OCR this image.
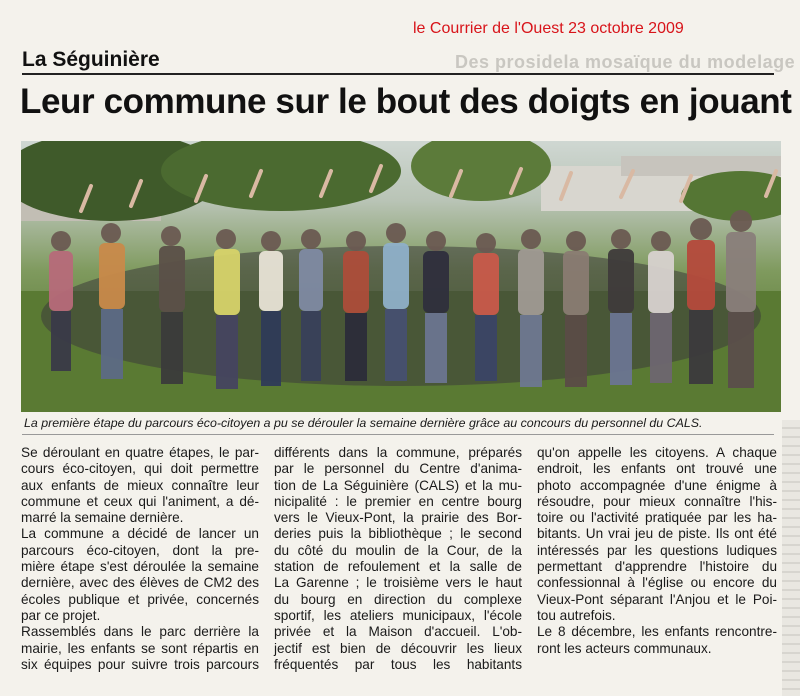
le Courrier de l'Ouest 23 octobre 2009
Des prosidela mosaïque du modelage
La Séguinière
Leur commune sur le bout des doigts en jouant
La première étape du parcours éco-citoyen a pu se dérouler la semaine dernière grâce au concours du personnel du CALS.
Se déroulant en quatre étapes, le par-
cours éco-citoyen, qui doit permettre
aux enfants de mieux connaître leur
commune et ceux qui l'animent, a dé-
marré la semaine dernière.
La commune a décidé de lancer un
parcours éco-citoyen, dont la pre-
mière étape s'est déroulée la semaine
dernière, avec des élèves de CM2 des
écoles publique et privée, concernés
par ce projet.
Rassemblés dans le parc derrière la
mairie, les enfants se sont répartis en
six équipes pour suivre trois parcours
différents dans la commune, préparés
par le personnel du Centre d'anima-
tion de La Séguinière (CALS) et la mu-
nicipalité : le premier en centre bourg
vers le Vieux-Pont, la prairie des Bor-
deries puis la bibliothèque ; le second
du côté du moulin de la Cour, de la
station de refoulement et la salle de
La Garenne ; le troisième vers le haut
du bourg en direction du complexe
sportif, les ateliers municipaux, l'école
privée et la Maison d'accueil. L'ob-
jectif est bien de découvrir les lieux
fréquentés par tous les habitants
qu'on appelle les citoyens. A chaque
endroit, les enfants ont trouvé une
photo accompagnée d'une énigme à
résoudre, pour mieux connaître l'his-
toire ou l'activité pratiquée par les ha-
bitants. Un vrai jeu de piste. Ils ont été
intéressés par les questions ludiques
permettant d'apprendre l'histoire du
confessionnal à l'église ou encore du
Vieux-Pont séparant l'Anjou et le Poi-
tou autrefois.
Le 8 décembre, les enfants rencontre-
ront les acteurs communaux.
